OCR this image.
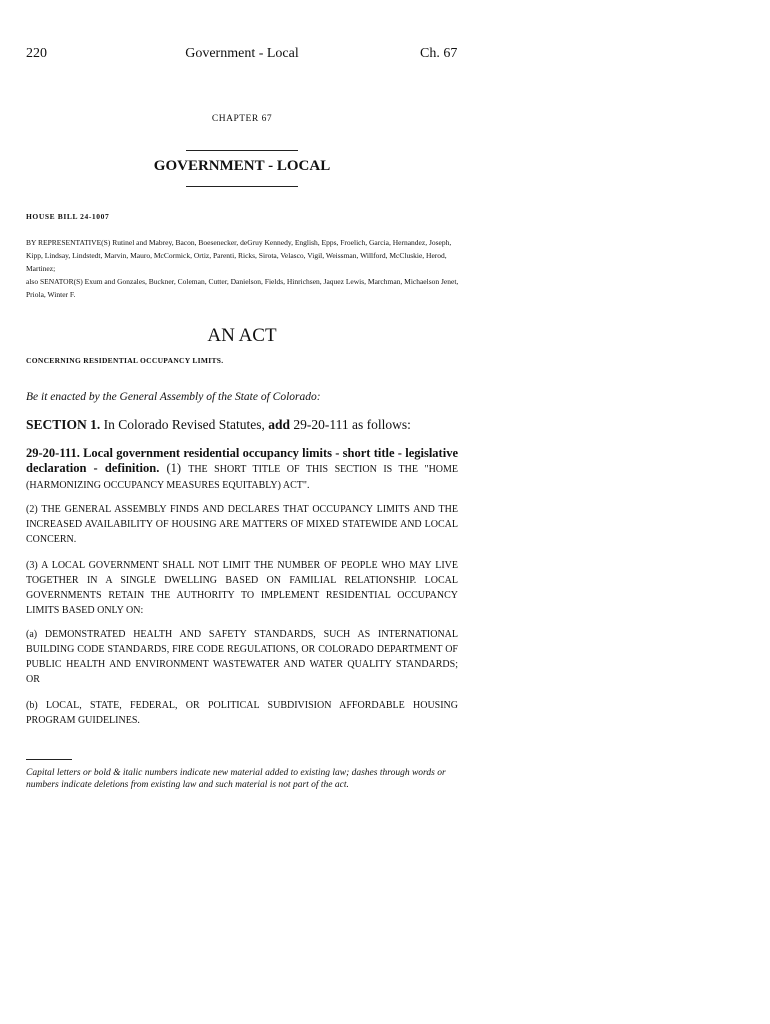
220	Government - Local	Ch. 67
CHAPTER 67
GOVERNMENT - LOCAL
HOUSE BILL 24-1007
BY REPRESENTATIVE(S) Rutinel and Mabrey, Bacon, Boesenecker, deGruy Kennedy, English, Epps, Froelich, Garcia, Hernandez, Joseph, Kipp, Lindsay, Lindstedt, Marvin, Mauro, McCormick, Ortiz, Parenti, Ricks, Sirota, Velasco, Vigil, Weissman, Willford, McCluskie, Herod, Martinez;
also SENATOR(S) Exum and Gonzales, Buckner, Coleman, Cutter, Danielson, Fields, Hinrichsen, Jaquez Lewis, Marchman, Michaelson Jenet, Priola, Winter F.
AN ACT
CONCERNING RESIDENTIAL OCCUPANCY LIMITS.
Be it enacted by the General Assembly of the State of Colorado:
SECTION 1. In Colorado Revised Statutes, add 29-20-111 as follows:
29-20-111. Local government residential occupancy limits - short title - legislative declaration - definition. (1) THE SHORT TITLE OF THIS SECTION IS THE "HOME (HARMONIZING OCCUPANCY MEASURES EQUITABLY) ACT".
(2) THE GENERAL ASSEMBLY FINDS AND DECLARES THAT OCCUPANCY LIMITS AND THE INCREASED AVAILABILITY OF HOUSING ARE MATTERS OF MIXED STATEWIDE AND LOCAL CONCERN.
(3) A LOCAL GOVERNMENT SHALL NOT LIMIT THE NUMBER OF PEOPLE WHO MAY LIVE TOGETHER IN A SINGLE DWELLING BASED ON FAMILIAL RELATIONSHIP. LOCAL GOVERNMENTS RETAIN THE AUTHORITY TO IMPLEMENT RESIDENTIAL OCCUPANCY LIMITS BASED ONLY ON:
(a) DEMONSTRATED HEALTH AND SAFETY STANDARDS, SUCH AS INTERNATIONAL BUILDING CODE STANDARDS, FIRE CODE REGULATIONS, OR COLORADO DEPARTMENT OF PUBLIC HEALTH AND ENVIRONMENT WASTEWATER AND WATER QUALITY STANDARDS; OR
(b) LOCAL, STATE, FEDERAL, OR POLITICAL SUBDIVISION AFFORDABLE HOUSING PROGRAM GUIDELINES.
Capital letters or bold & italic numbers indicate new material added to existing law; dashes through words or numbers indicate deletions from existing law and such material is not part of the act.
